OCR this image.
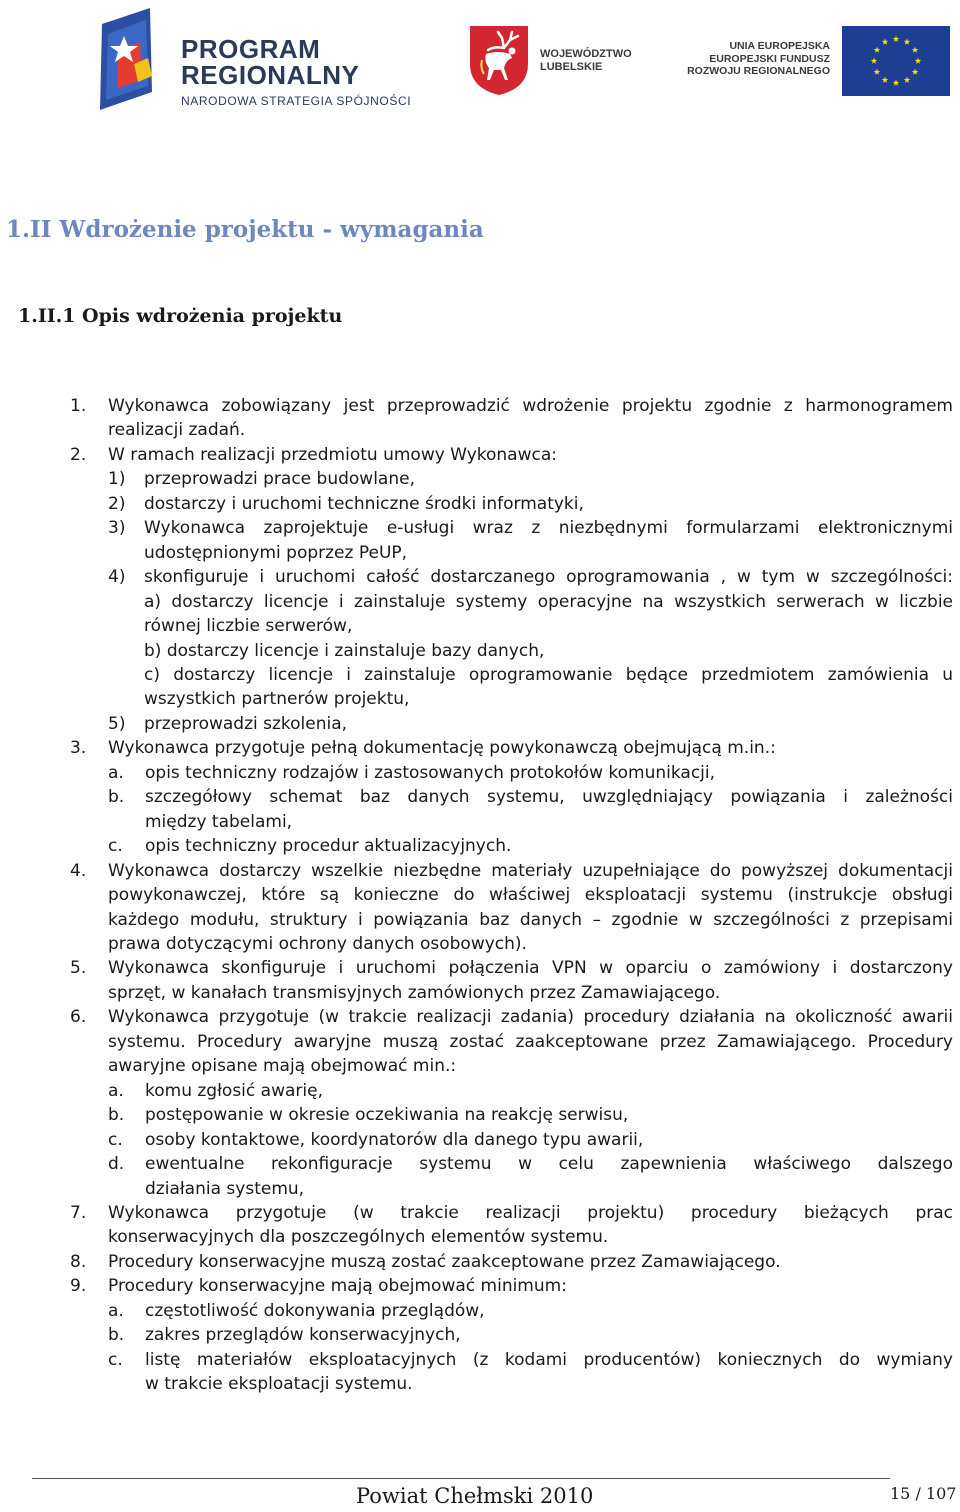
PROGRAM
REGIONALNY
NARODOWA STRATEGIA SPÓJNOŚCI
WOJEWÓDZTWO
LUBELSKIE
UNIA EUROPEJSKA
EUROPEJSKI FUNDUSZ
ROZWOJU REGIONALNEGO
1.II Wdrożenie projektu - wymagania
1.II.1 Opis wdrożenia projektu
1.	Wykonawca zobowiązany jest przeprowadzić wdrożenie projektu zgodnie z harmonogramem
realizacji zadań.
2.	W ramach realizacji przedmiotu umowy Wykonawca:
1)	przeprowadzi prace budowlane,
2)	dostarczy i uruchomi techniczne środki informatyki,
3)	Wykonawca zaprojektuje e-usługi wraz z niezbędnymi formularzami elektronicznymi
udostępnionymi poprzez PeUP,
4)	skonfiguruje i uruchomi całość dostarczanego oprogramowania , w tym w szczególności:
a) dostarczy licencje i zainstaluje systemy operacyjne na wszystkich serwerach w liczbie
równej liczbie serwerów,
b) dostarczy licencje i zainstaluje bazy danych,
c) dostarczy licencje i zainstaluje oprogramowanie będące przedmiotem zamówienia u
wszystkich partnerów projektu,
5)	przeprowadzi szkolenia,
3.	Wykonawca przygotuje pełną dokumentację powykonawczą obejmującą m.in.:
a.	opis techniczny rodzajów i zastosowanych protokołów komunikacji,
b.	szczegółowy schemat baz danych systemu, uwzględniający powiązania i zależności
między tabelami,
c.	opis techniczny procedur aktualizacyjnych.
4.	Wykonawca dostarczy wszelkie niezbędne materiały uzupełniające do powyższej dokumentacji
powykonawczej, które są konieczne do właściwej eksploatacji systemu (instrukcje obsługi
każdego modułu, struktury i powiązania baz danych – zgodnie w szczególności z przepisami
prawa dotyczącymi ochrony danych osobowych).
5.	Wykonawca skonfiguruje i uruchomi połączenia VPN w oparciu o zamówiony i dostarczony
sprzęt, w kanałach transmisyjnych zamówionych przez Zamawiającego.
6.	Wykonawca przygotuje (w trakcie realizacji zadania) procedury działania na okoliczność awarii
systemu. Procedury awaryjne muszą zostać zaakceptowane przez Zamawiającego. Procedury
awaryjne opisane mają obejmować min.:
a.	komu zgłosić awarię,
b.	postępowanie w okresie oczekiwania na reakcję serwisu,
c.	osoby kontaktowe, koordynatorów dla danego typu awarii,
d.	ewentualne rekonfiguracje systemu w celu zapewnienia właściwego dalszego
działania systemu,
7.	Wykonawca przygotuje (w trakcie realizacji projektu) procedury bieżących prac
konserwacyjnych dla poszczególnych elementów systemu.
8.	Procedury konserwacyjne muszą zostać zaakceptowane przez Zamawiającego.
9.	Procedury konserwacyjne mają obejmować minimum:
a.	częstotliwość dokonywania przeglądów,
b.	zakres przeglądów konserwacyjnych,
c.	listę materiałów eksploatacyjnych (z kodami producentów) koniecznych do wymiany
w trakcie eksploatacji systemu.
Powiat Chełmski 2010	15 / 107
